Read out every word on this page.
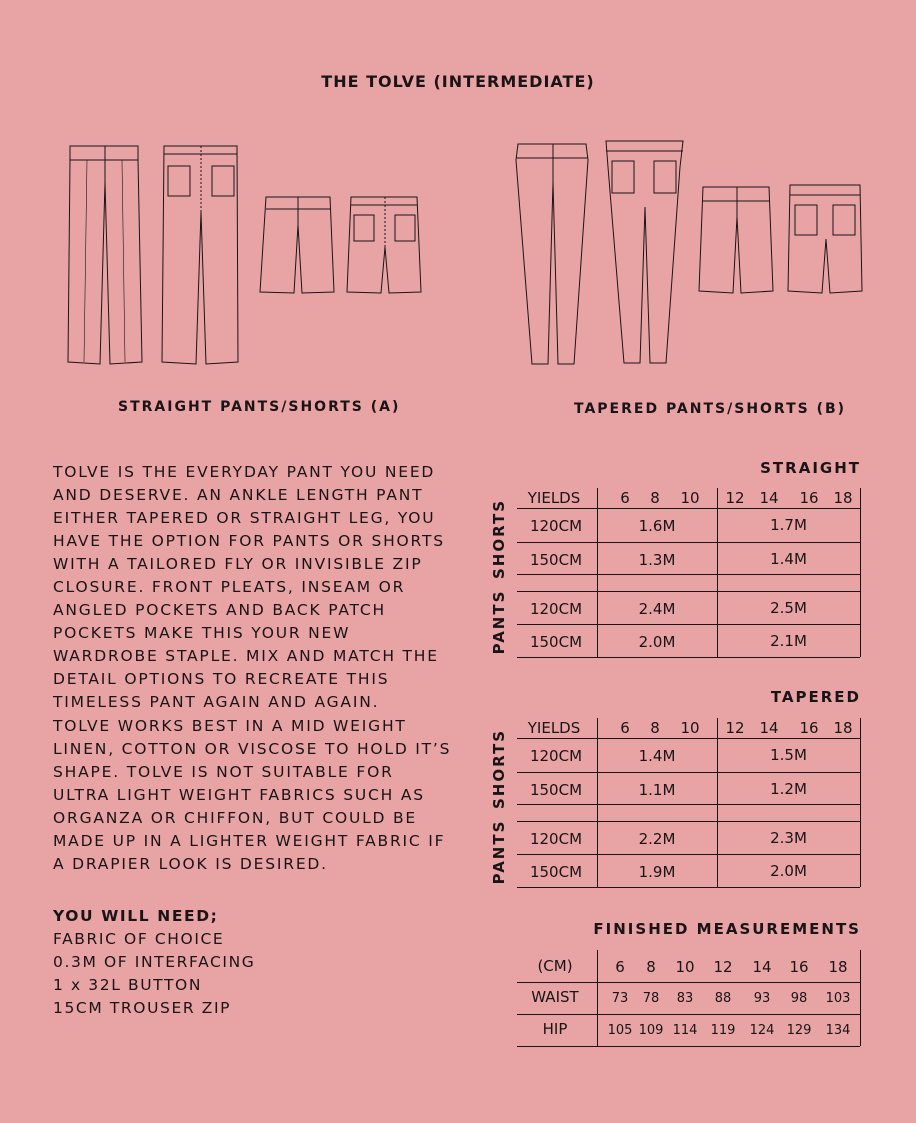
THE TOLVE (INTERMEDIATE)
STRAIGHT PANTS/SHORTS (A)	TAPERED PANTS/SHORTS (B)
TOLVE IS THE EVERYDAY PANT YOU NEED AND DESERVE. AN ANKLE LENGTH PANT EITHER TAPERED OR STRAIGHT LEG, YOU HAVE THE OPTION FOR PANTS OR SHORTS WITH A TAILORED FLY OR INVISIBLE ZIP CLOSURE. FRONT PLEATS, INSEAM OR ANGLED POCKETS AND BACK PATCH POCKETS MAKE THIS YOUR NEW WARDROBE STAPLE. MIX AND MATCH THE DETAIL OPTIONS TO RECREATE THIS TIMELESS PANT AGAIN AND AGAIN.
TOLVE WORKS BEST IN A MID WEIGHT LINEN, COTTON OR VISCOSE TO HOLD IT’S SHAPE. TOLVE IS NOT SUITABLE FOR ULTRA LIGHT WEIGHT FABRICS SUCH AS ORGANZA OR CHIFFON, BUT COULD BE MADE UP IN A LIGHTER WEIGHT FABRIC IF A DRAPIER LOOK IS DESIRED.
YOU WILL NEED;
FABRIC OF CHOICE
0.3M OF INTERFACING
1 x 32L BUTTON
15CM TROUSER ZIP
STRAIGHT
YIELDS	6	8	10 12 14 16 18
120CM	1.6M	1.7M
150CM	1.3M	1.4M
120CM	2.4M	2.5M
150CM	2.0M	2.1M
SHORTS
PANTS
TAPERED
YIELDS	6	8	10 12 14 16 18
120CM	1.4M	1.5M
150CM	1.1M	1.2M
120CM	2.2M	2.3M
150CM	1.9M	2.0M
SHORTS
PANTS
FINISHED MEASUREMENTS
(CM)	6	8	10	12	14	16	18
WAIST	73	78	83	88	93	98	103
HIP	105 109 114	119	124 129	134
